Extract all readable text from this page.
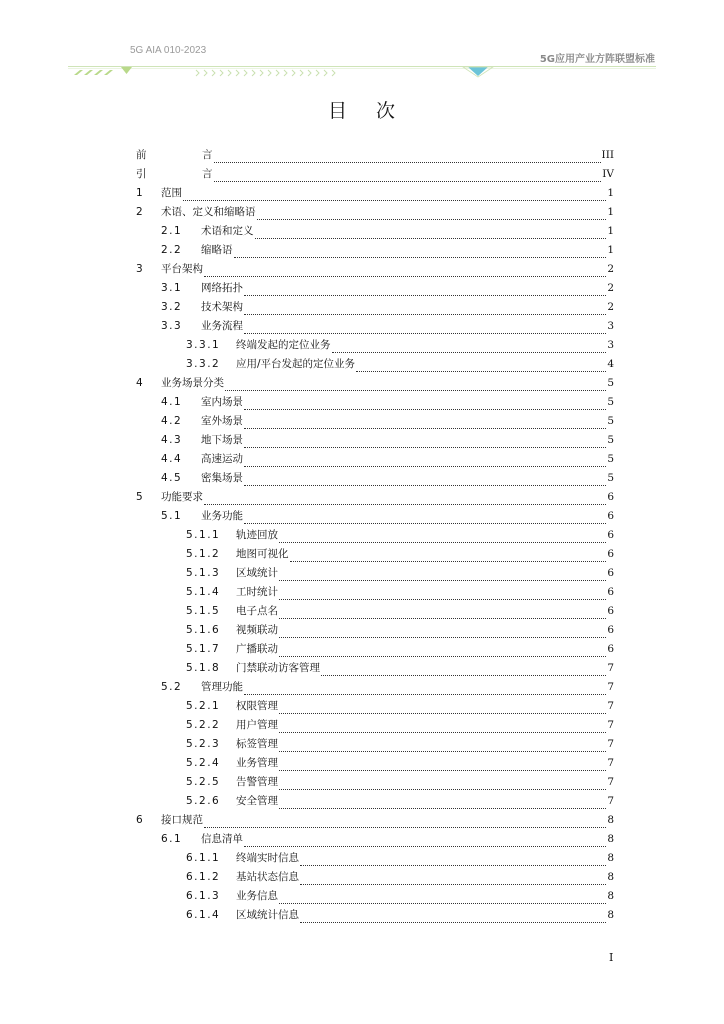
5G AIA 010-2023
5G应用产业方阵联盟标准
目 次
前	言	III
引	言	IV
1	范围	1
2	术语、定义和缩略语	1
2.1	术语和定义	1
2.2	缩略语	1
3	平台架构	2
3.1	网络拓扑	2
3.2	技术架构	2
3.3	业务流程	3
3.3.1	终端发起的定位业务	3
3.3.2	应用/平台发起的定位业务	4
4	业务场景分类	5
4.1	室内场景	5
4.2	室外场景	5
4.3	地下场景	5
4.4	高速运动	5
4.5	密集场景	5
5	功能要求	6
5.1	业务功能	6
5.1.1	轨迹回放	6
5.1.2	地图可视化	6
5.1.3	区域统计	6
5.1.4	工时统计	6
5.1.5	电子点名	6
5.1.6	视频联动	6
5.1.7	广播联动	6
5.1.8	门禁联动访客管理	7
5.2	管理功能	7
5.2.1	权限管理	7
5.2.2	用户管理	7
5.2.3	标签管理	7
5.2.4	业务管理	7
5.2.5	告警管理	7
5.2.6	安全管理	7
6	接口规范	8
6.1	信息清单	8
6.1.1	终端实时信息	8
6.1.2	基站状态信息	8
6.1.3	业务信息	8
6.1.4	区域统计信息	8
I
